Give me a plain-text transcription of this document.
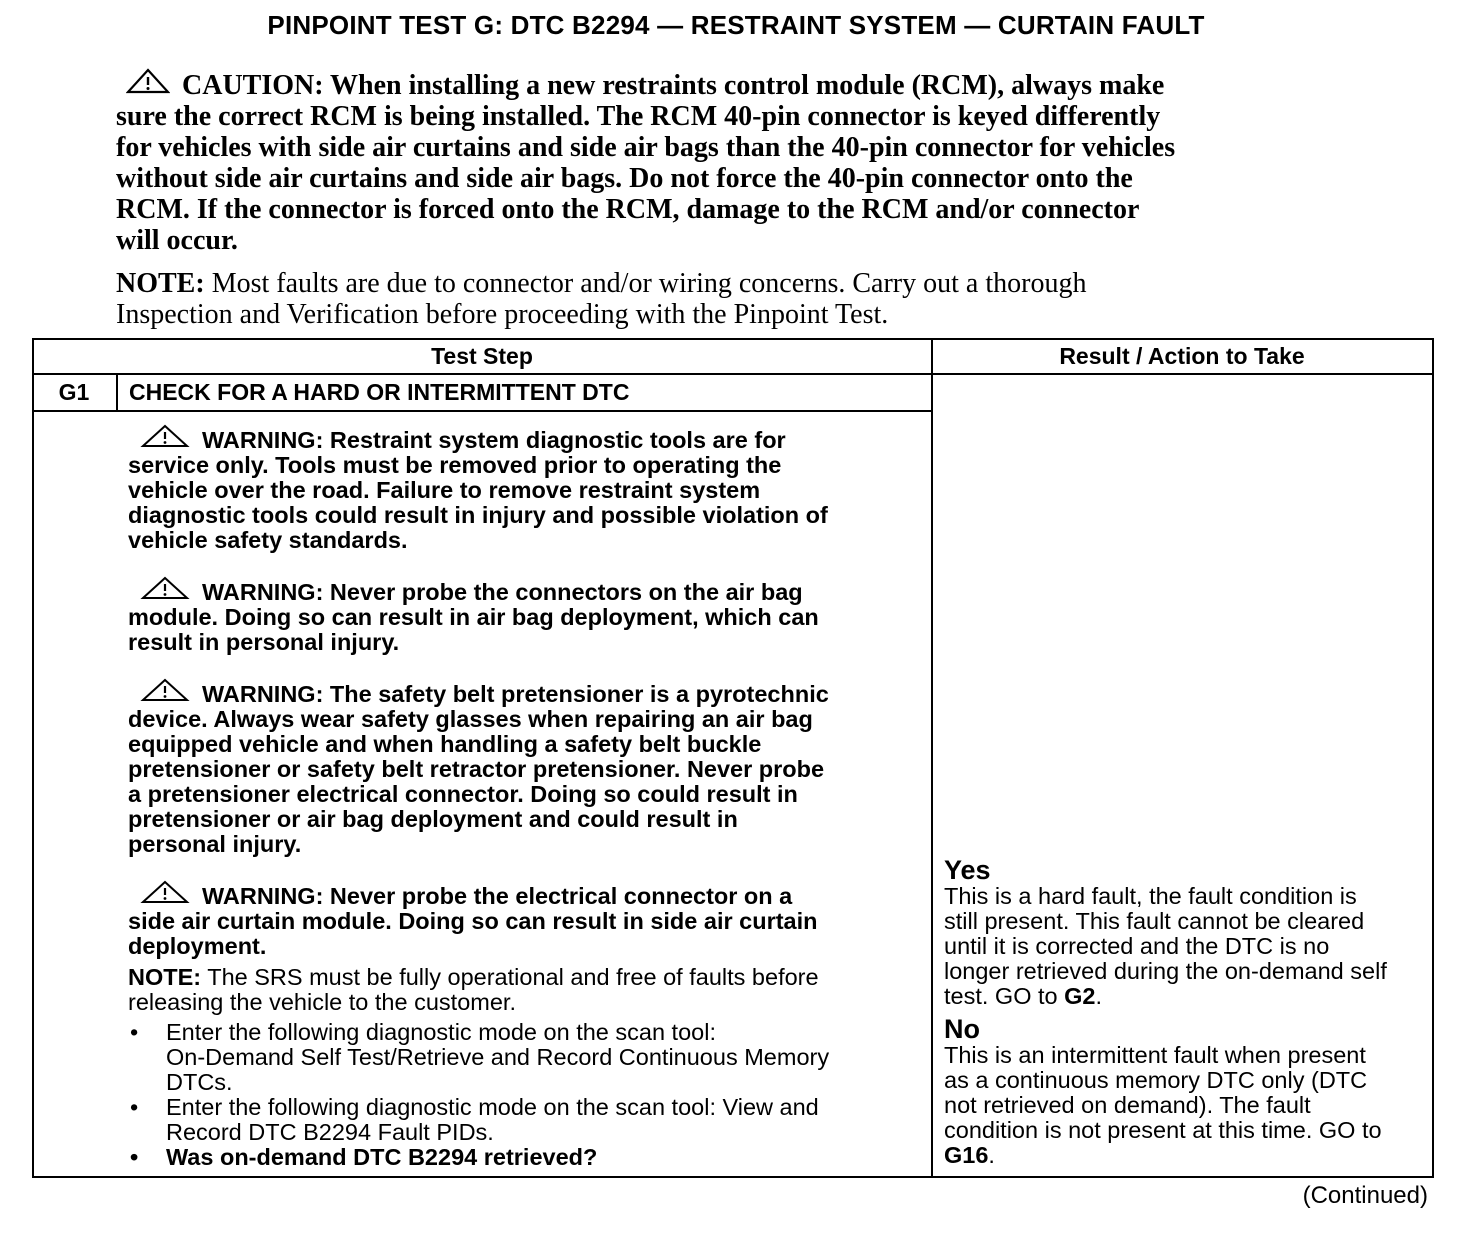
PINPOINT TEST G: DTC B2294 — RESTRAINT SYSTEM — CURTAIN FAULT
CAUTION: When installing a new restraints control module (RCM), always make
sure the correct RCM is being installed. The RCM 40-pin connector is keyed differently
for vehicles with side air curtains and side air bags than the 40-pin connector for vehicles
without side air curtains and side air bags. Do not force the 40-pin connector onto the
RCM. If the connector is forced onto the RCM, damage to the RCM and/or connector
will occur.
NOTE: Most faults are due to connector and/or wiring concerns. Carry out a thorough
Inspection and Verification before proceeding with the Pinpoint Test.
Test Step	Result / Action to Take
G1	CHECK FOR A HARD OR INTERMITTENT DTC
WARNING: Restraint system diagnostic tools are for
service only. Tools must be removed prior to operating the
vehicle over the road. Failure to remove restraint system
diagnostic tools could result in injury and possible violation of
vehicle safety standards.
WARNING: Never probe the connectors on the air bag
module. Doing so can result in air bag deployment, which can
result in personal injury.
WARNING: The safety belt pretensioner is a pyrotechnic
device. Always wear safety glasses when repairing an air bag
equipped vehicle and when handling a safety belt buckle
pretensioner or safety belt retractor pretensioner. Never probe
a pretensioner electrical connector. Doing so could result in
pretensioner or air bag deployment and could result in
personal injury.
WARNING: Never probe the electrical connector on a
side air curtain module. Doing so can result in side air curtain
deployment.
NOTE: The SRS must be fully operational and free of faults before
releasing the vehicle to the customer.
• Enter the following diagnostic mode on the scan tool:
On-Demand Self Test/Retrieve and Record Continuous Memory
DTCs.
• Enter the following diagnostic mode on the scan tool: View and
Record DTC B2294 Fault PIDs.
• Was on-demand DTC B2294 retrieved?
Yes
This is a hard fault, the fault condition is
still present. This fault cannot be cleared
until it is corrected and the DTC is no
longer retrieved during the on-demand self
test. GO to G2.
No
This is an intermittent fault when present
as a continuous memory DTC only (DTC
not retrieved on demand). The fault
condition is not present at this time. GO to
G16.
(Continued)
